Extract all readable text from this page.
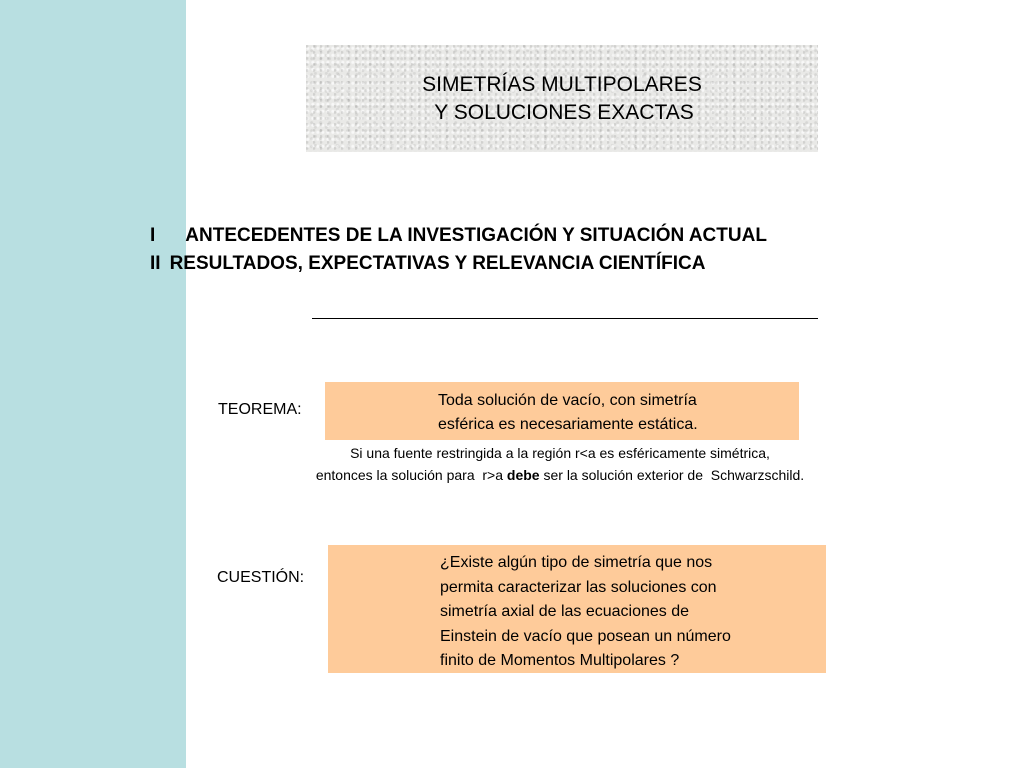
SIMETRÍAS MULTIPOLARES
Y SOLUCIONES EXACTAS
I ANTECEDENTES DE LA INVESTIGACIÓN Y SITUACIÓN ACTUAL
II RESULTADOS, EXPECTATIVAS Y RELEVANCIA CIENTÍFICA
TEOREMA:
Toda solución de vacío, con simetría
esférica es necesariamente estática.
Si una fuente restringida a la región r<a es esféricamente simétrica,
entonces la solución para  r>a debe ser la solución exterior de  Schwarzschild.
CUESTIÓN:
¿Existe algún tipo de simetría que nos
permita caracterizar las soluciones con
simetría axial de las ecuaciones de
Einstein de vacío que posean un número
finito de Momentos Multipolares ?
